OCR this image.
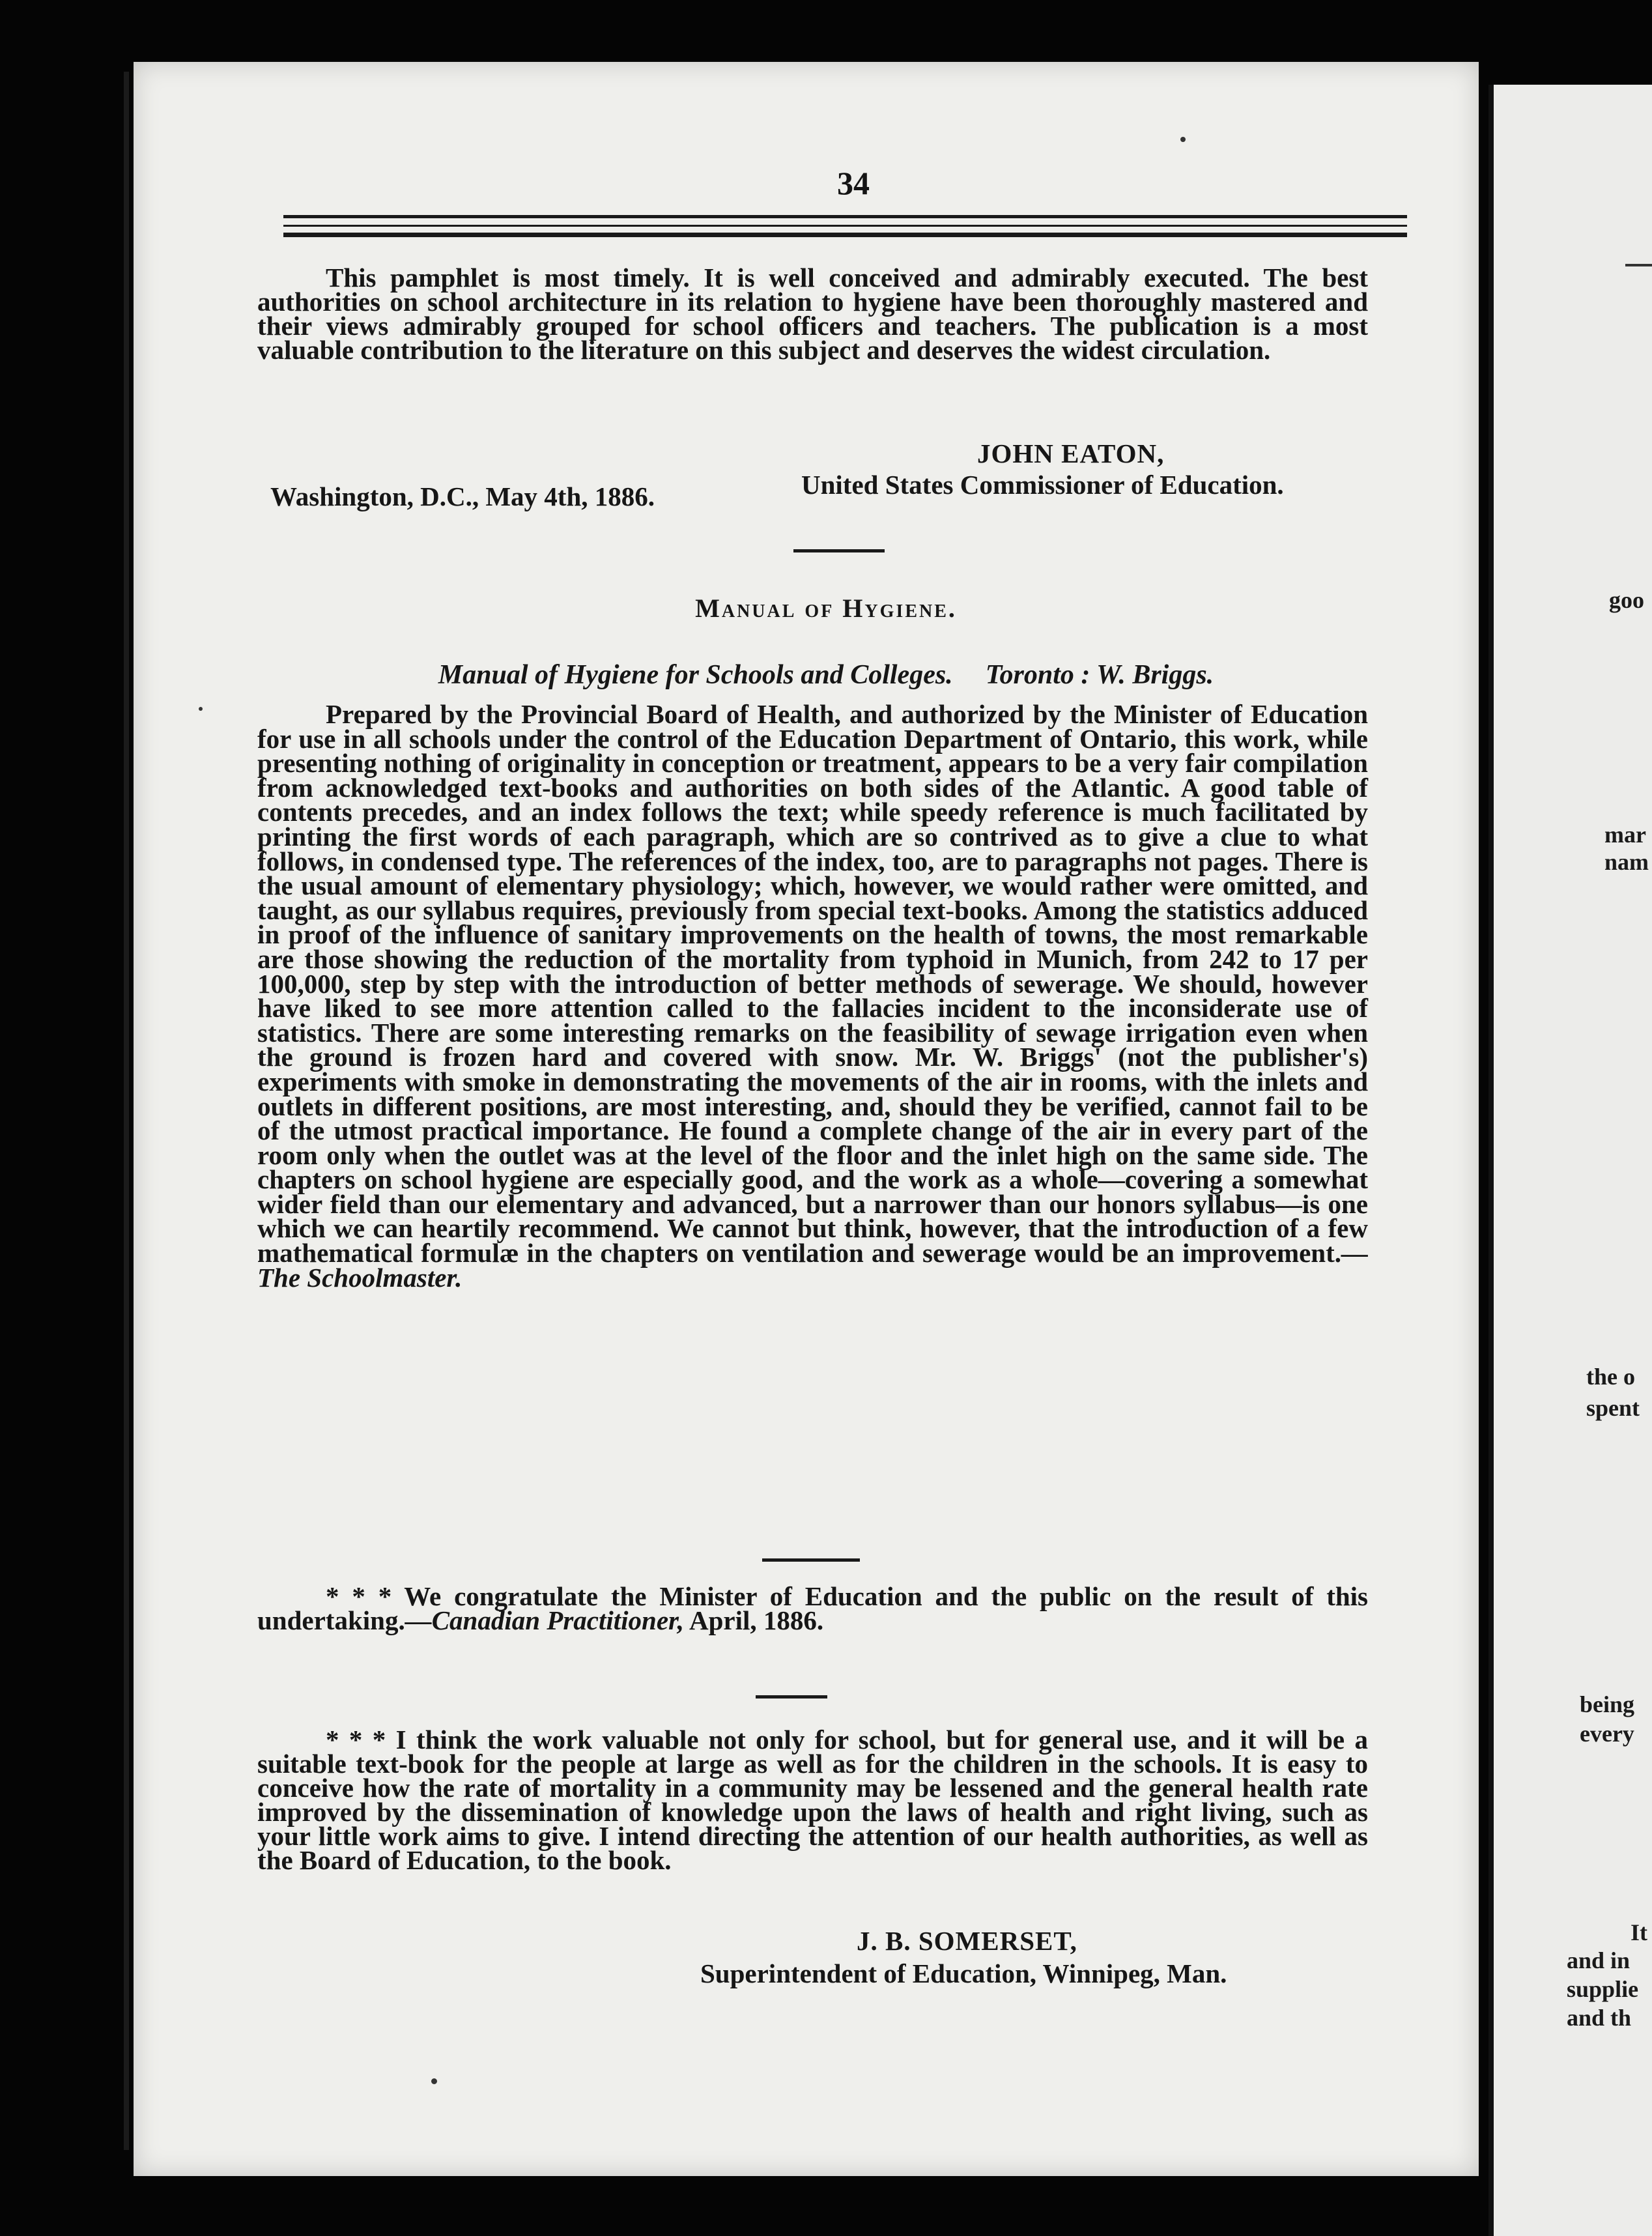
34

This pamphlet is most timely. It is well conceived and admirably executed. The best authorities on school architecture in its relation to hygiene have been thoroughly mastered and their views admirably grouped for school officers and teachers. The publication is a most valuable contribution to the literature on this subject and deserves the widest circulation.

JOHN EATON,
United States Commissioner of Education.
Washington, D.C., May 4th, 1886.
Manual of Hygiene.
Manual of Hygiene for Schools and Colleges. Toronto : W. Briggs.

Prepared by the Provincial Board of Health, and authorized by the Minister of Education for use in all schools under the control of the Education Department of Ontario, this work, while presenting nothing of originality in conception or treatment, appears to be a very fair compilation from acknowledged text-books and authorities on both sides of the Atlantic. A good table of contents precedes, and an index follows the text; while speedy reference is much facilitated by printing the first words of each paragraph, which are so contrived as to give a clue to what follows, in condensed type. The references of the index, too, are to paragraphs not pages. There is the usual amount of elementary physiology; which, however, we would rather were omitted, and taught, as our syllabus requires, previously from special text-books. Among the statistics adduced in proof of the influence of sanitary improvements on the health of towns, the most remarkable are those showing the reduction of the mortality from typhoid in Munich, from 242 to 17 per 100,000, step by step with the introduction of better methods of sewerage. We should, however have liked to see more attention called to the fallacies incident to the inconsiderate use of statistics. There are some interesting remarks on the feasibility of sewage irrigation even when the ground is frozen hard and covered with snow. Mr. W. Briggs' (not the publisher's) experiments with smoke in demonstrating the movements of the air in rooms, with the inlets and outlets in different positions, are most interesting, and, should they be verified, cannot fail to be of the utmost practical importance. He found a complete change of the air in every part of the room only when the outlet was at the level of the floor and the inlet high on the same side. The chapters on school hygiene are especially good, and the work as a whole—covering a somewhat wider field than our elementary and advanced, but a narrower than our honors syllabus—is one which we can heartily recommend. We cannot but think, however, that the introduction of a few mathematical formulæ in the chapters on ventilation and sewerage would be an improvement.—The Schoolmaster.

* * * We congratulate the Minister of Education and the public on the result of this undertaking.—Canadian Practitioner, April, 1886.

* * * I think the work valuable not only for school, but for general use, and it will be a suitable text-book for the people at large as well as for the children in the schools. It is easy to conceive how the rate of mortality in a community may be lessened and the general health rate improved by the dissemination of knowledge upon the laws of health and right living, such as your little work aims to give. I intend directing the attention of our health authorities, as well as the Board of Education, to the book.

J. B. SOMERSET,
Superintendent of Education, Winnipeg, Man.
goo
mar
nam
the o
spent
being
every
It
and in
supplie
and th
